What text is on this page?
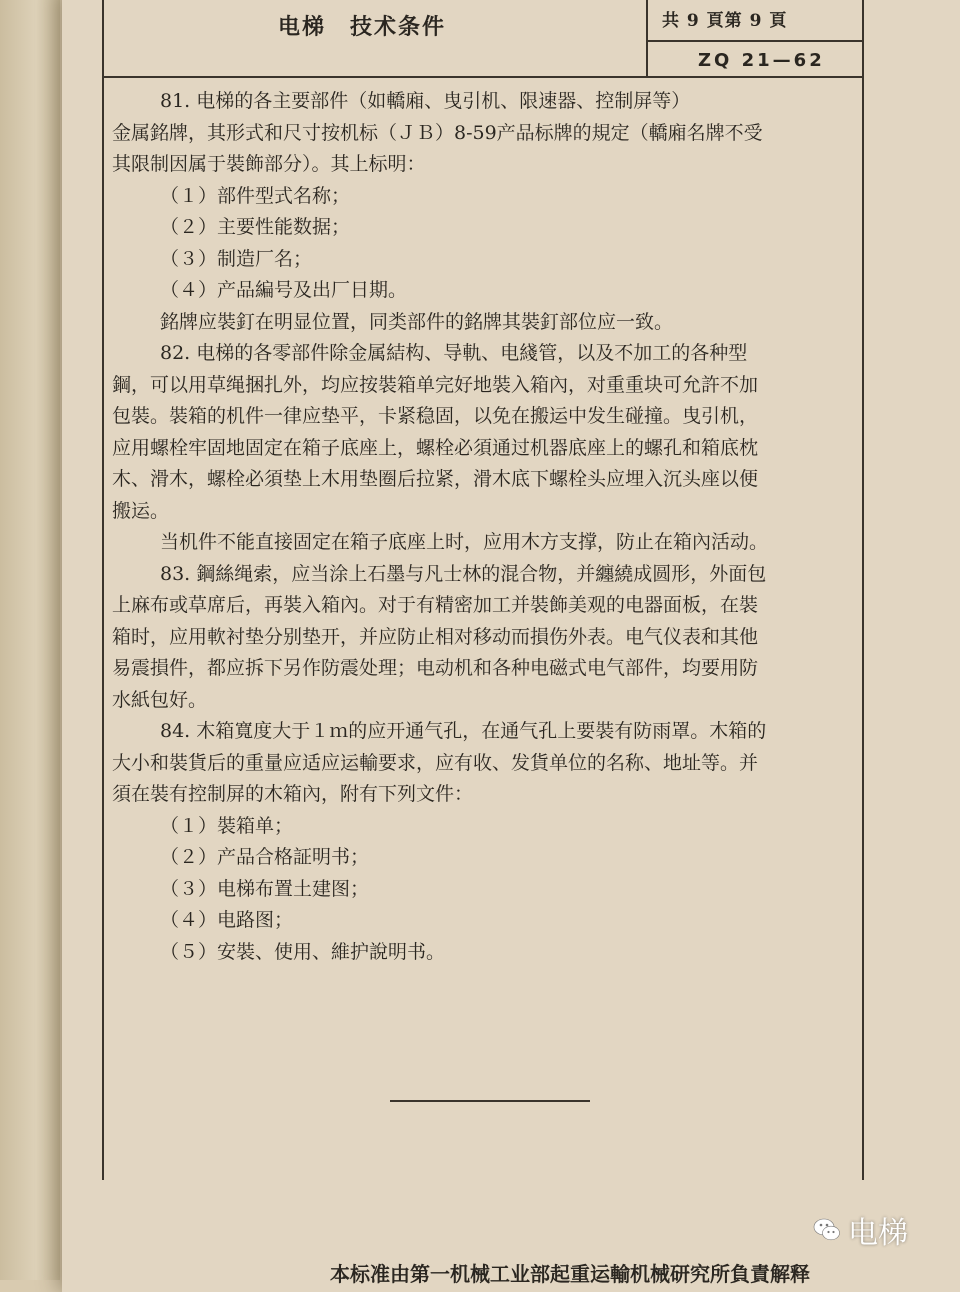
电梯　技术条件	共 9 頁第 9 頁
ZQ 21—62

81. 电梯的各主要部件（如轎廂、曳引机、限速器、控制屏等）

金属銘牌，其形式和尺寸按机标（ＪＢ）8-59产品标牌的規定（轎廂名牌不受

其限制因属于裝飾部分）。其上标明：

（１）部件型式名称；

（２）主要性能数据；

（３）制造厂名；

（４）产品編号及出厂日期。

銘牌应裝釘在明显位置，同类部件的銘牌其裝釘部位应一致。

82. 电梯的各零部件除金属結构、导軌、电綫管，以及不加工的各种型

鋼，可以用草绳捆扎外，均应按裝箱单完好地裝入箱內，对重重块可允許不加

包裝。裝箱的机件一律应垫平，卡紧稳固，以免在搬运中发生碰撞。曳引机，

应用螺栓牢固地固定在箱子底座上，螺栓必須通过机器底座上的螺孔和箱底枕

木、滑木，螺栓必須垫上木用垫圈后拉紧，滑木底下螺栓头应埋入沉头座以便

搬运。

当机件不能直接固定在箱子底座上时，应用木方支撑，防止在箱內活动。

83. 鋼絲绳索，应当涂上石墨与凡士林的混合物，并纏繞成圆形，外面包

上麻布或草席后，再裝入箱內。对于有精密加工并裝飾美观的电器面板，在裝

箱时，应用軟衬垫分别垫开，并应防止相对移动而損伤外表。电气仪表和其他

易震損件，都应拆下另作防震处理；电动机和各种电磁式电气部件，均要用防

水紙包好。

84. 木箱寬度大于１ｍ的应开通气孔，在通气孔上要裝有防雨罩。木箱的

大小和裝貨后的重量应适应运輸要求，应有收、发貨单位的名称、地址等。并

須在裝有控制屏的木箱內，附有下列文件：

（１）裝箱单；

（２）产品合格証明书；

（３）电梯布置土建图；

（４）电路图；

（５）安裝、使用、維护說明书。

本标准由第一机械工业部起重运輸机械研究所負責解释
电梯
